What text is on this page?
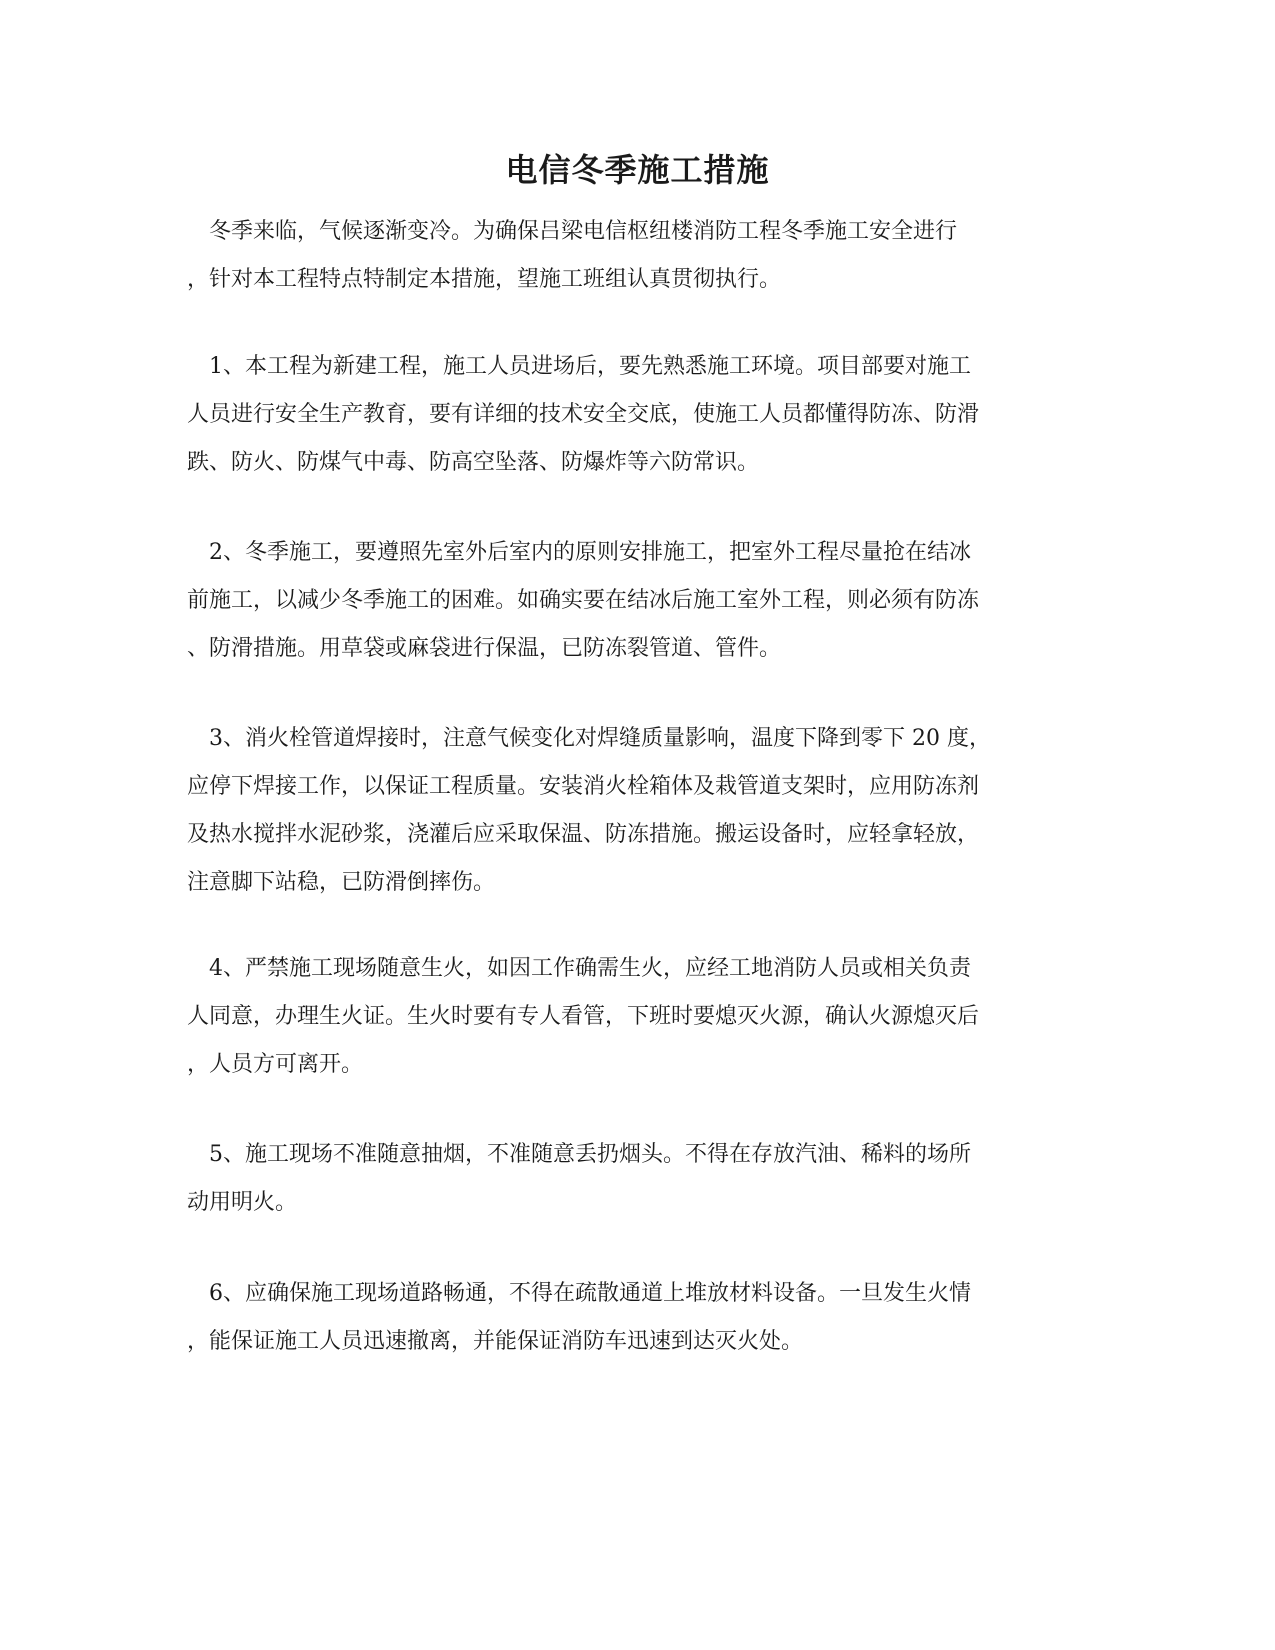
电信冬季施工措施
　冬季来临，气候逐渐变冷。为确保吕梁电信枢纽楼消防工程冬季施工安全进行
，针对本工程特点特制定本措施，望施工班组认真贯彻执行。
　1、本工程为新建工程，施工人员进场后，要先熟悉施工环境。项目部要对施工
人员进行安全生产教育，要有详细的技术安全交底，使施工人员都懂得防冻、防滑
跌、防火、防煤气中毒、防高空坠落、防爆炸等六防常识。
　2、冬季施工，要遵照先室外后室内的原则安排施工，把室外工程尽量抢在结冰
前施工，以减少冬季施工的困难。如确实要在结冰后施工室外工程，则必须有防冻
、防滑措施。用草袋或麻袋进行保温，已防冻裂管道、管件。
　3、消火栓管道焊接时，注意气候变化对焊缝质量影响，温度下降到零下 20 度，
应停下焊接工作，以保证工程质量。安装消火栓箱体及栽管道支架时，应用防冻剂
及热水搅拌水泥砂浆，浇灌后应采取保温、防冻措施。搬运设备时，应轻拿轻放，
注意脚下站稳，已防滑倒摔伤。
　4、严禁施工现场随意生火，如因工作确需生火，应经工地消防人员或相关负责
人同意，办理生火证。生火时要有专人看管，下班时要熄灭火源，确认火源熄灭后
，人员方可离开。
　5、施工现场不准随意抽烟，不准随意丢扔烟头。不得在存放汽油、稀料的场所
动用明火。
　6、应确保施工现场道路畅通，不得在疏散通道上堆放材料设备。一旦发生火情
，能保证施工人员迅速撤离，并能保证消防车迅速到达灭火处。
